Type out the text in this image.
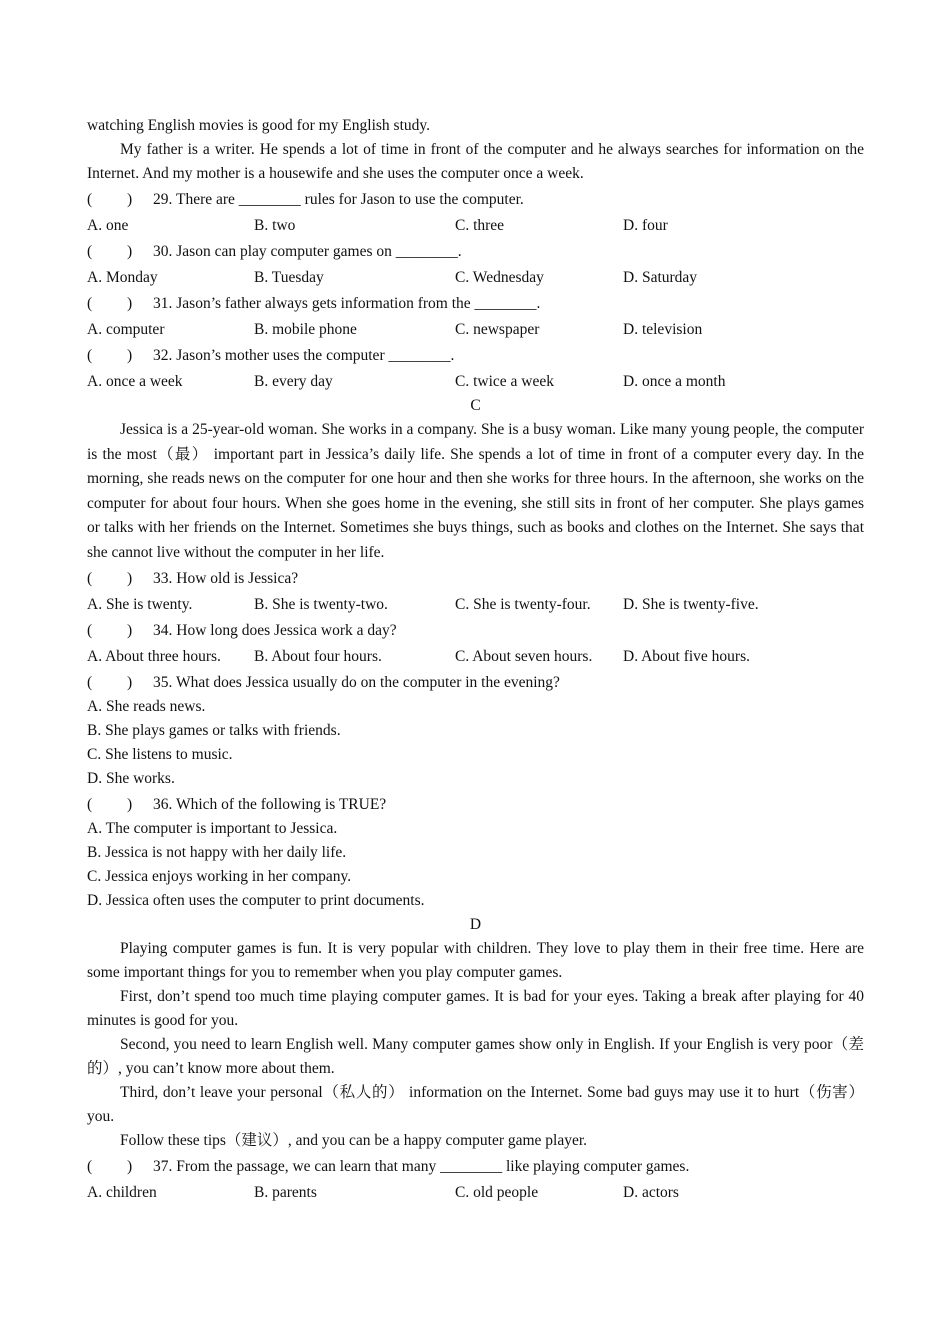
watching English movies is good for my English study.

My father is a writer. He spends a lot of time in front of the computer and he always searches for information on the Internet. And my mother is a housewife and she uses the computer once a week.

(         ) 29. There are ________ rules for Jason to use the computer.
A. one	B. two	C. three	D. four
(         ) 30. Jason can play computer games on ________.
A. Monday	B. Tuesday	C. Wednesday	D. Saturday
(         ) 31. Jason’s father always gets information from the ________.
A. computer	B. mobile phone	C. newspaper	D. television
(         ) 32. Jason’s mother uses the computer ________.
A. once a week	B. every day	C. twice a week	D. once a month
C

Jessica is a 25-year-old woman. She works in a company. She is a busy woman. Like many young people, the computer is the most（最） important part in Jessica’s daily life. She spends a lot of time in front of a computer every day. In the morning, she reads news on the computer for one hour and then she works for three hours. In the afternoon, she works on the computer for about four hours. When she goes home in the evening, she still sits in front of her computer. She plays games or talks with her friends on the Internet. Sometimes she buys things, such as books and clothes on the Internet. She says that she cannot live without the computer in her life.

(         ) 33. How old is Jessica?
A. She is twenty.	B. She is twenty-two.	C. She is twenty-four.	D. She is twenty-five.
(         ) 34. How long does Jessica work a day?
A. About three hours.	B. About four hours.	C. About seven hours.	D. About five hours.
(         ) 35. What does Jessica usually do on the computer in the evening?
A. She reads news.
B. She plays games or talks with friends.
C. She listens to music.
D. She works.
(         ) 36. Which of the following is TRUE?
A. The computer is important to Jessica.
B. Jessica is not happy with her daily life.
C. Jessica enjoys working in her company.
D. Jessica often uses the computer to print documents.
D

Playing computer games is fun. It is very popular with children. They love to play them in their free time. Here are some important things for you to remember when you play computer games.

First, don’t spend too much time playing computer games. It is bad for your eyes. Taking a break after playing for 40 minutes is good for you.

Second, you need to learn English well. Many computer games show only in English. If your English is very poor（差的）, you can’t know more about them.

Third, don’t leave your personal（私人的） information on the Internet. Some bad guys may use it to hurt（伤害） you.

Follow these tips（建议）, and you can be a happy computer game player.

(         ) 37. From the passage, we can learn that many ________ like playing computer games.
A. children	B. parents	C. old people	D. actors
